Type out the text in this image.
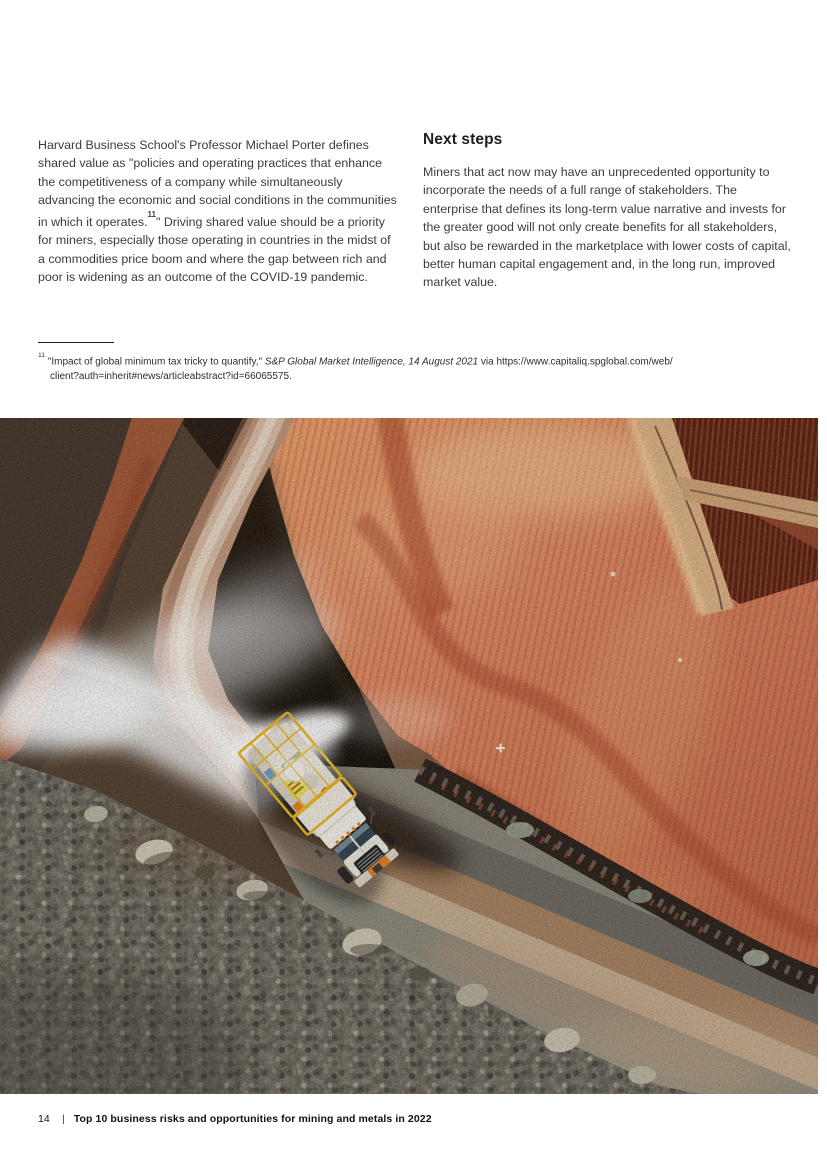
Harvard Business School's Professor Michael Porter defines shared value as "policies and operating practices that enhance the competitiveness of a company while simultaneously advancing the economic and social conditions in the communities in which it operates.$^{11}$" Driving shared value should be a priority for miners, especially those operating in countries in the midst of a commodities price boom and where the gap between rich and poor is widening as an outcome of the COVID-19 pandemic.

Next steps

Miners that act now may have an unprecedented opportunity to incorporate the needs of a full range of stakeholders. The enterprise that defines its long-term value narrative and invests for the greater good will not only create benefits for all stakeholders, but also be rewarded in the marketplace with lower costs of capital, better human capital engagement and, in the long run, improved market value.

$^{11}$ "Impact of global minimum tax tricky to quantify," S&P Global Market Intelligence, 14 August 2021 via https://www.capitaliq.spglobal.com/web/
client?auth=inherit#news/articleabstract?id=66065575.
14	| Top 10 business risks and opportunities for mining and metals in 2022
